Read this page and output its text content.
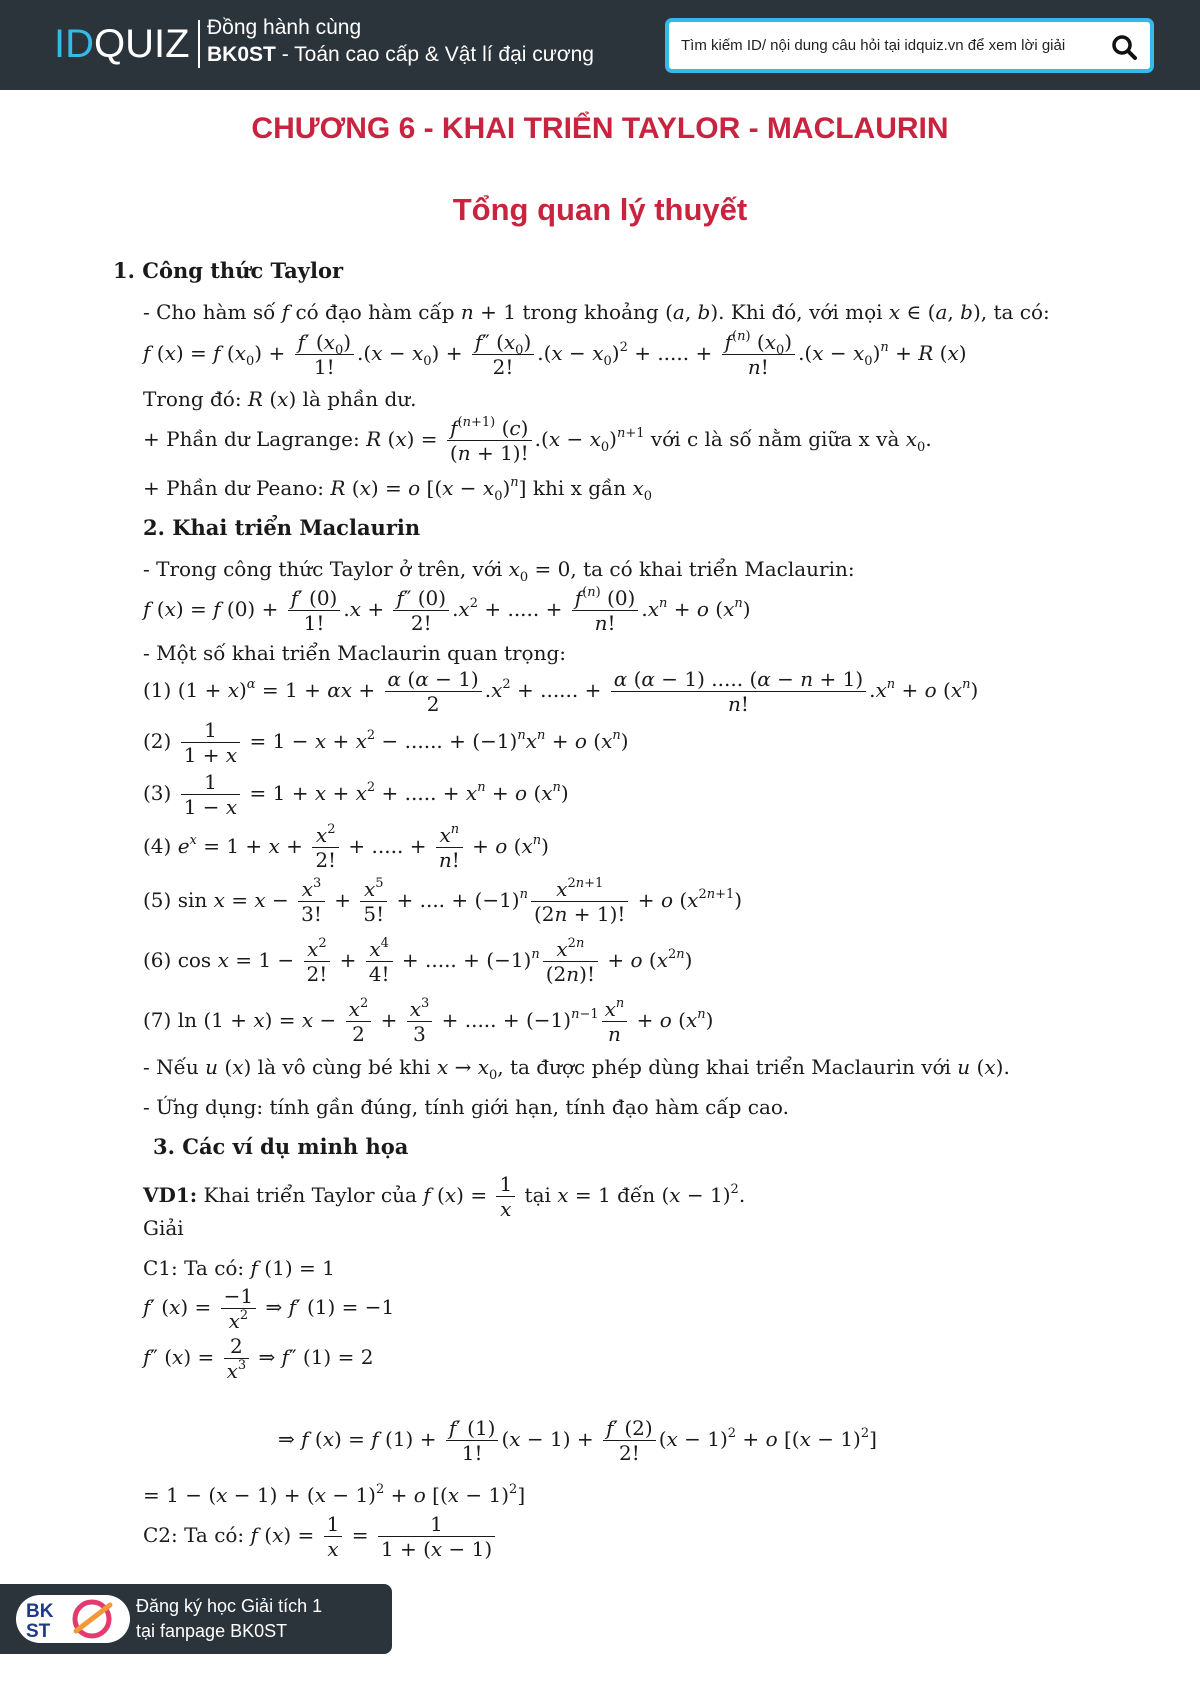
IDQUIZ Đồng hành cùng
BK0ST - Toán cao cấp & Vật lí đại cương	Tìm kiếm ID/ nội dung câu hỏi tại idquiz.vn để xem lời giải
CHƯƠNG 6 - KHAI TRIỂN TAYLOR - MACLAURIN
Tổng quan lý thuyết
1. Công thức Taylor
- Cho hàm số f có đạo hàm cấp n + 1 trong khoảng (a, b). Khi đó, với mọi x ∈ (a, b), ta có:
f (x) = f $(x_0) + \frac{f' (x_0)}{1!} .(x - x_0) + \frac{f'' (x_0)}{2!} .(x - x_0)^2$ + ..... + $\frac{f^{(n)} (x_0)}{n!} .(x - x_0)^n + R$ (x)
Trong đó: R (x) là phần dư.
+ Phần dư Lagrange: R $(x) = \frac{f^{(n+1)} (c)}{(n + 1)!} .(x - x_0)^{n+1}$ với c là số nằm giữa x và $x_0$.
+ Phần dư Peano: R (x) = o $[(x - x_0)^n]$ khi x gần $x_0$
2. Khai triển Maclaurin
- Trong công thức Taylor ở trên, với $x_0 = 0$, ta có khai triển Maclaurin:
f (x) = f $(0) + \frac{f' (0)}{1!} .x + \frac{f'' (0)}{2!} .x^2$ + ..... + $\frac{f^{(n)} (0)}{n!} .x^n + o$ $(x^n)$
- Một số khai triển Maclaurin quan trọng:
(1) $(1 + x)^\alpha = 1 + \alpha x + \frac{\alpha (\alpha - 1)}{2} .x^2$ + ...... + $\frac{\alpha (\alpha - 1) ..... (\alpha - n + 1)}{n!} .x^n + o$ $(x^n)$
$(2) \frac{1}{1 + x} = 1 - x + x^2$ − ...... + $(-1)^nx^n + o$ $(x^n)$
$(3) \frac{1}{1 - x} = 1 + x + x^2$ + ..... + $x^n + o$ $(x^n)$
(4) $e^x = 1 + x + \frac{x^2}{2!}$ + ..... + $\frac{x^n}{n!} + o$ $(x^n)$
(5) $\sin x = x - \frac{x^3}{3!} + \frac{x^5}{5!}$ + .... + $(-1)^n \frac{x^{2n+1}}{(2n + 1)!} + o$ $(x^{2n+1})$
(6) $\cos x = 1 - \frac{x^2}{2!} + \frac{x^4}{4!}$ + ..... + $(-1)^n \frac{x^{2n}}{(2n)!} + o$ $(x^{2n})$
(7) $\ln (1 + x) = x - \frac{x^2}{2} + \frac{x^3}{3}$ + ..... + $(-1)^{n-1} \frac{x^n}{n} + o$ $(x^n)$
- Nếu u (x) là vô cùng bé khi $x \to x_0$, ta được phép dùng khai triển Maclaurin với u (x).
- Ứng dụng: tính gần đúng, tính giới hạn, tính đạo hàm cấp cao.
3. Các ví dụ minh họa
VD1: Khai triển Taylor của f $(x) = \frac{1}{x}$ tại x = 1 đến $(x - 1)^2$.
Giải
C1: Ta có: f (1) = 1
f′ $(x) = \frac{-1}{x^2}$ ⇒ f′ (1) = −1
f″ $(x) = \frac{2}{x^3}$ ⇒ f″ (1) = 2
⇒ f (x) = f $(1) + \frac{f' (1)}{1!} (x - 1) + \frac{f' (2)}{2!} (x - 1)^2 + o$ $[(x - 1)^2]$
= $1 - (x - 1) + (x - 1)^2 + o$ $[(x - 1)^2]$
C2: Ta có: f $(x) = \frac{1}{x} = \frac{1}{1 + (x - 1)}$
BK
ST
Đăng ký học Giải tích 1
tại fanpage BK0ST
